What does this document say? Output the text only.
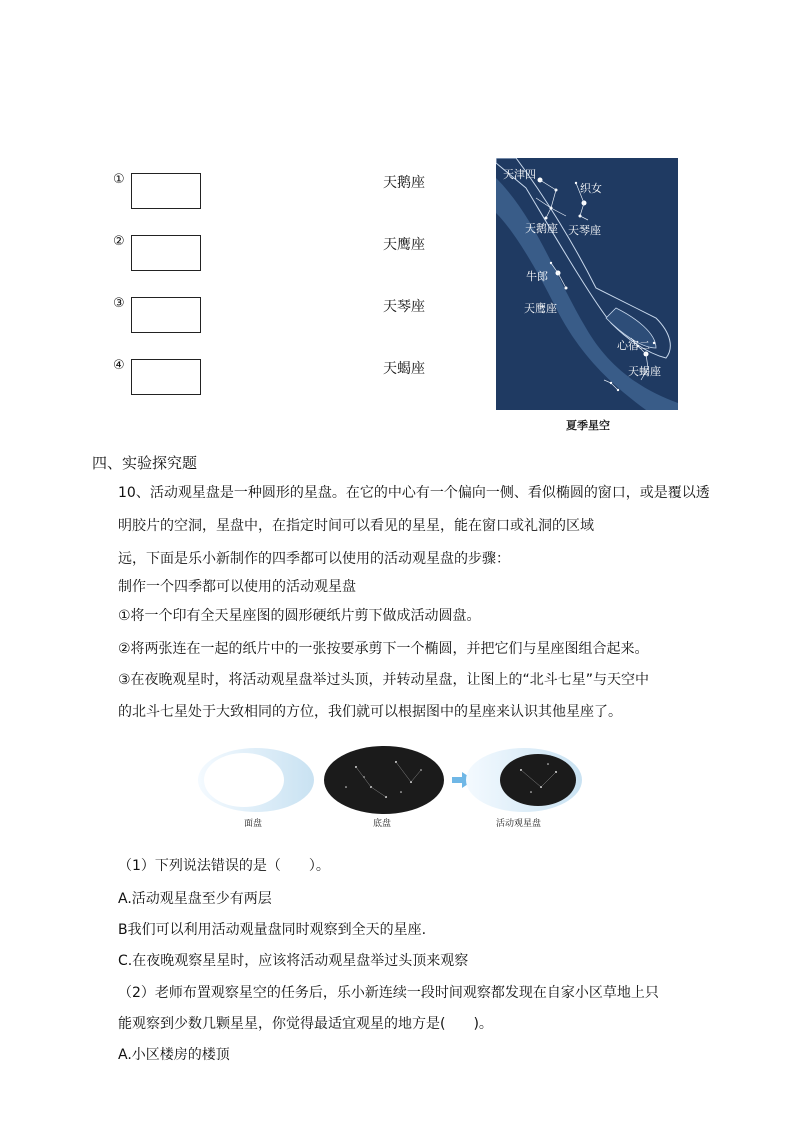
①	天鹅座
②	天鹰座
③	天琴座
④	天蝎座
天津四
织女
天鹅座 天琴座
牛郎
天鹰座
心宿二
天蝎座
夏季星空
四、实验探究题
10、活动观星盘是一种圆形的星盘。在它的中心有一个偏向一侧、看似椭圆的窗口，或是覆以透
明胶片的空洞，星盘中，在指定时间可以看见的星星，能在窗口或礼洞的区域
远，下面是乐小新制作的四季都可以使用的活动观星盘的步骤：
制作一个四季都可以使用的活动观星盘
①将一个印有全天星座图的圆形硬纸片剪下做成活动圆盘。
②将两张连在一起的纸片中的一张按要承剪下一个椭圆，并把它们与星座图组合起来。
③在夜晚观星时，将活动观星盘举过头顶，并转动星盘，让图上的“北斗七星”与天空中
的北斗七星处于大致相同的方位，我们就可以根据图中的星座来认识其他星座了。
面盘	底盘	活动观星盘
（1）下列说法错误的是（　　）。
A.活动观星盘至少有两层
B我们可以利用活动观量盘同时观察到全天的星座.
C.在夜晚观察星星时，应该将活动观星盘举过头顶来观察
（2）老师布置观察星空的任务后，乐小新连续一段时间观察都发现在自家小区草地上只
能观察到少数几颗星星，你觉得最适宜观星的地方是(　　)。
A.小区楼房的楼顶
